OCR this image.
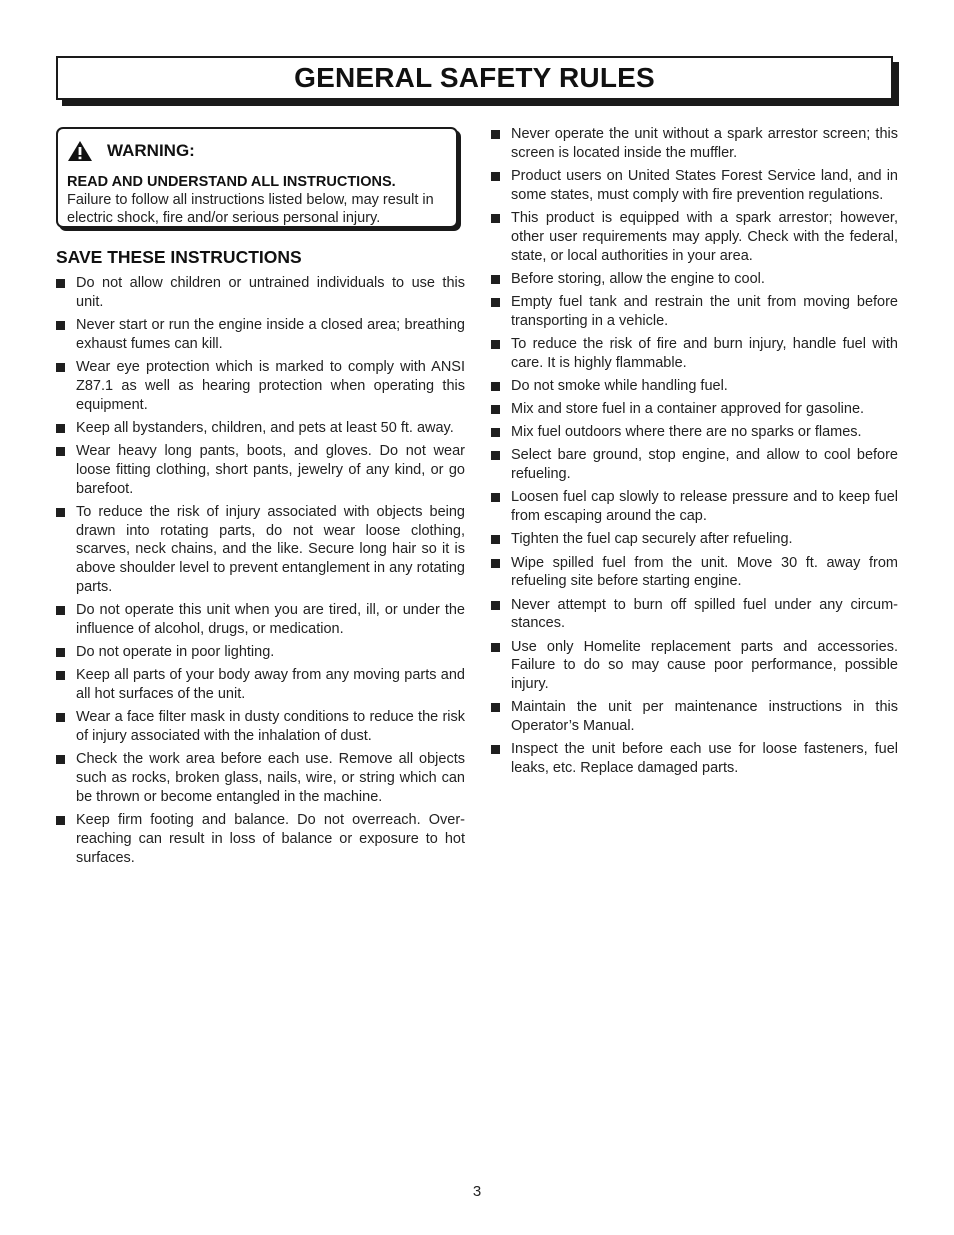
GENERAL SAFETY RULES
WARNING:
READ AND UNDERSTAND ALL INSTRUCTIONS.
Failure to follow all instructions listed below, may result in electric shock, fire and/or serious personal injury.
SAVE THESE INSTRUCTIONS
Do not allow children or untrained individuals to use this unit.
Never start or run the engine inside a closed area; breathing exhaust fumes can kill.
Wear eye protection which is marked to comply with ANSI Z87.1 as well as hearing protection when operating this equipment.
Keep all bystanders, children, and pets at least 50 ft. away.
Wear heavy long pants, boots, and gloves. Do not wear loose fitting clothing, short pants, jewelry of any kind, or go barefoot.
To reduce the risk of injury associated with objects being drawn into rotating parts, do not wear loose clothing, scarves, neck chains, and the like. Secure long hair so it is above shoulder level to prevent entanglement in any rotating parts.
Do not operate this unit when you are tired, ill, or under the influence of alcohol, drugs, or medication.
Do not operate in poor lighting.
Keep all parts of your body away from any moving parts and all hot surfaces of the unit.
Wear a face filter mask in dusty conditions to reduce the risk of injury associated with the inhalation of dust.
Check the work area before each use. Remove all objects such as rocks, broken glass, nails, wire, or string which can be thrown or become entangled in the machine.
Keep firm footing and balance. Do not overreach. Overreaching can result in loss of balance or exposure to hot surfaces.
Never operate the unit without a spark arrestor screen; this screen is located inside the muffler.
Product users on United States Forest Service land, and in some states, must comply with fire prevention regulations.
This product is equipped with a spark arrestor; however, other user requirements may apply. Check with the federal, state, or local authorities in your area.
Before storing, allow the engine to cool.
Empty fuel tank and restrain the unit from moving before transporting in a vehicle.
To reduce the risk of fire and burn injury, handle fuel with care. It is highly flammable.
Do not smoke while handling fuel.
Mix and store fuel in a container approved for gasoline.
Mix fuel outdoors where there are no sparks or flames.
Select bare ground, stop engine, and allow to cool before refueling.
Loosen fuel cap slowly to release pressure and to keep fuel from escaping around the cap.
Tighten the fuel cap securely after refueling.
Wipe spilled fuel from the unit. Move 30 ft. away from refueling site before starting engine.
Never attempt to burn off spilled fuel under any circumstances.
Use only Homelite replacement parts and accessories. Failure to do so may cause poor performance, possible injury.
Maintain the unit per maintenance instructions in this Operator’s Manual.
Inspect the unit before each use for loose fasteners, fuel leaks, etc. Replace damaged parts.
3
